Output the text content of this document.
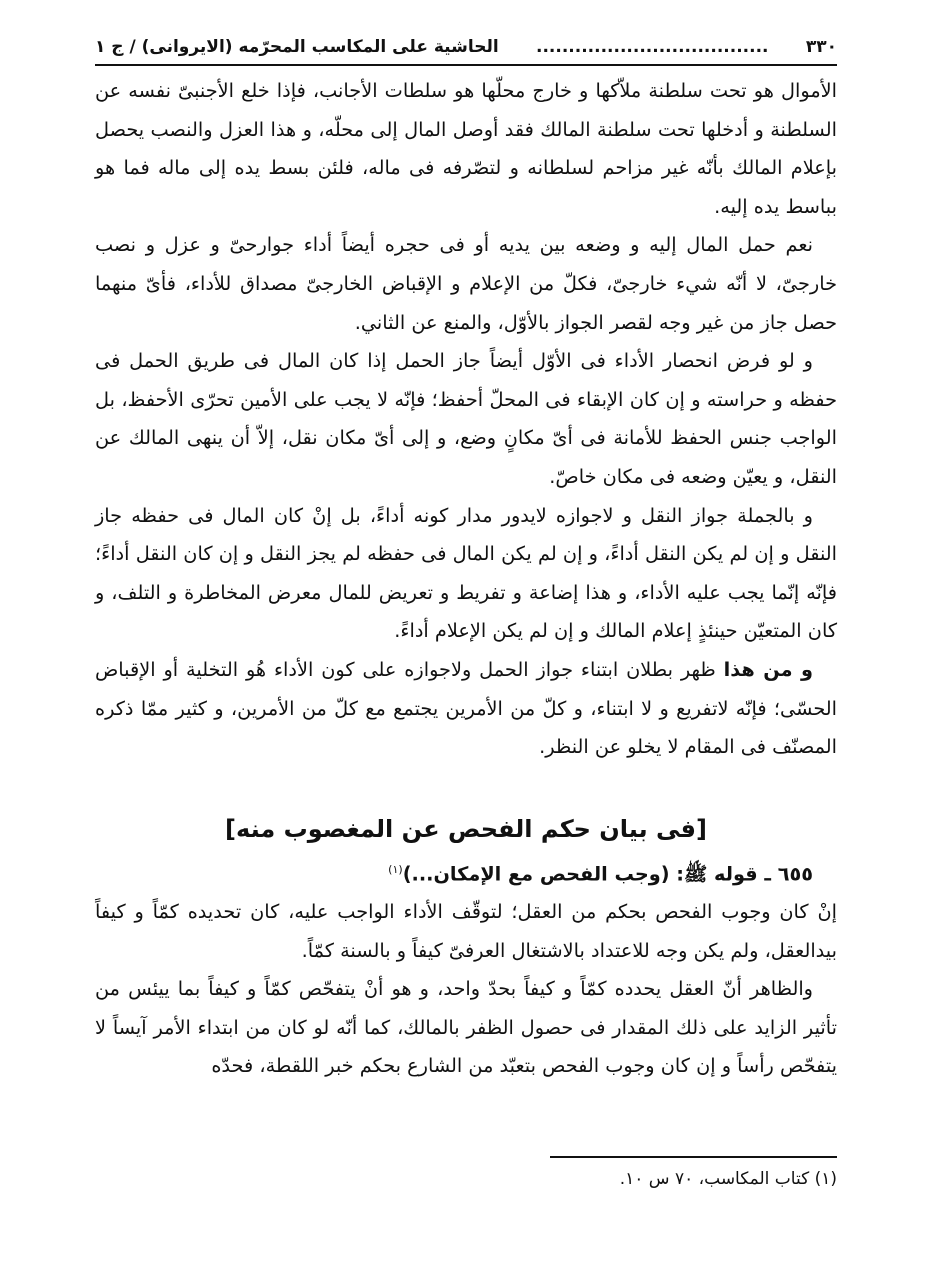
٣٣٠
....................................
الحاشية على المكاسب المحرّمه (الايروانى) / ج ١

الأموال هو تحت سلطنة ملاّكها و خارج محلّها هو سلطات الأجانب، فإذا خلع الأجنبىّ نفسه عن السلطنة و أدخلها تحت سلطنة المالك فقد أوصل المال إلى محلّه، و هذا العزل والنصب يحصل بإعلام المالك بأنّه غير مزاحم لسلطانه و لتصّرفه فى ماله، فلئن بسط يده إلى ماله فما هو بباسط يده إليه.

نعم حمل المال إليه و وضعه بين يديه أو فى حجره أيضاً أداء جوارحىّ و عزل و نصب خارجىّ، لا أنّه شيء خارجىّ، فكلّ من الإعلام و الإقباض الخارجىّ مصداق للأداء، فأىّ منهما حصل جاز من غير وجه لقصر الجواز بالأوّل، والمنع عن الثاني.

و لو فرض انحصار الأداء فى الأوّل أيضاً جاز الحمل إذا كان المال فى طريق الحمل فى حفظه و حراسته و إن كان الإبقاء فى المحلّ أحفظ؛ فإنّه لا يجب على الأمين تحرّى الأحفظ، بل الواجب جنس الحفظ للأمانة فى أىّ مكانٍ وضع، و إلى أىّ مكان نقل، إلاّ أن ينهى المالك عن النقل، و يعيّن وضعه فى مكان خاصّ.

و بالجملة جواز النقل و لاجوازه لايدور مدار كونه أداءً، بل إنْ كان المال فى حفظه جاز النقل و إن لم يكن النقل أداءً، و إن لم يكن المال فى حفظه لم يجز النقل و إن كان النقل أداءً؛ فإنّه إنّما يجب عليه الأداء، و هذا إضاعة و تفريط و تعريض للمال معرض المخاطرة و التلف، و كان المتعيّن حينئذٍ إعلام المالك و إن لم يكن الإعلام أداءً.

و من هذا ظهر بطلان ابتناء جواز الحمل ولاجوازه على كون الأداء هُو التخلية أو الإقباض الحسّى؛ فإنّه لاتفريع و لا ابتناء، و كلّ من الأمرين يجتمع مع كلّ من الأمرين، و كثير ممّا ذكره المصنّف فى المقام لا يخلو عن النظر.

[فى بيان حكم الفحص عن المغصوب منه]

٦٥٥ ـ قوله ﷺ: (وجب الفحص مع الإمكان...)$^{(١)}$

إنْ كان وجوب الفحص بحكم من العقل؛ لتوقّف الأداء الواجب عليه، كان تحديده كمّاً و كيفاً بيدالعقل، ولم يكن وجه للاعتداد بالاشتغال العرفىّ كيفاً و بالسنة كمّاً.

والظاهر أنّ العقل يحدده كمّاً و كيفاً بحدّ واحد، و هو أنْ يتفحّص كمّاً و كيفاً بما ييئس من تأثير الزايد على ذلك المقدار فى حصول الظفر بالمالك، كما أنّه لو كان من ابتداء الأمر آيساً لا يتفحّص رأساً و إن كان وجوب الفحص بتعبّد من الشارع بحكم خبر اللقطة، فحدّه

(١) كتاب المكاسب، ٧٠ س ١٠.
